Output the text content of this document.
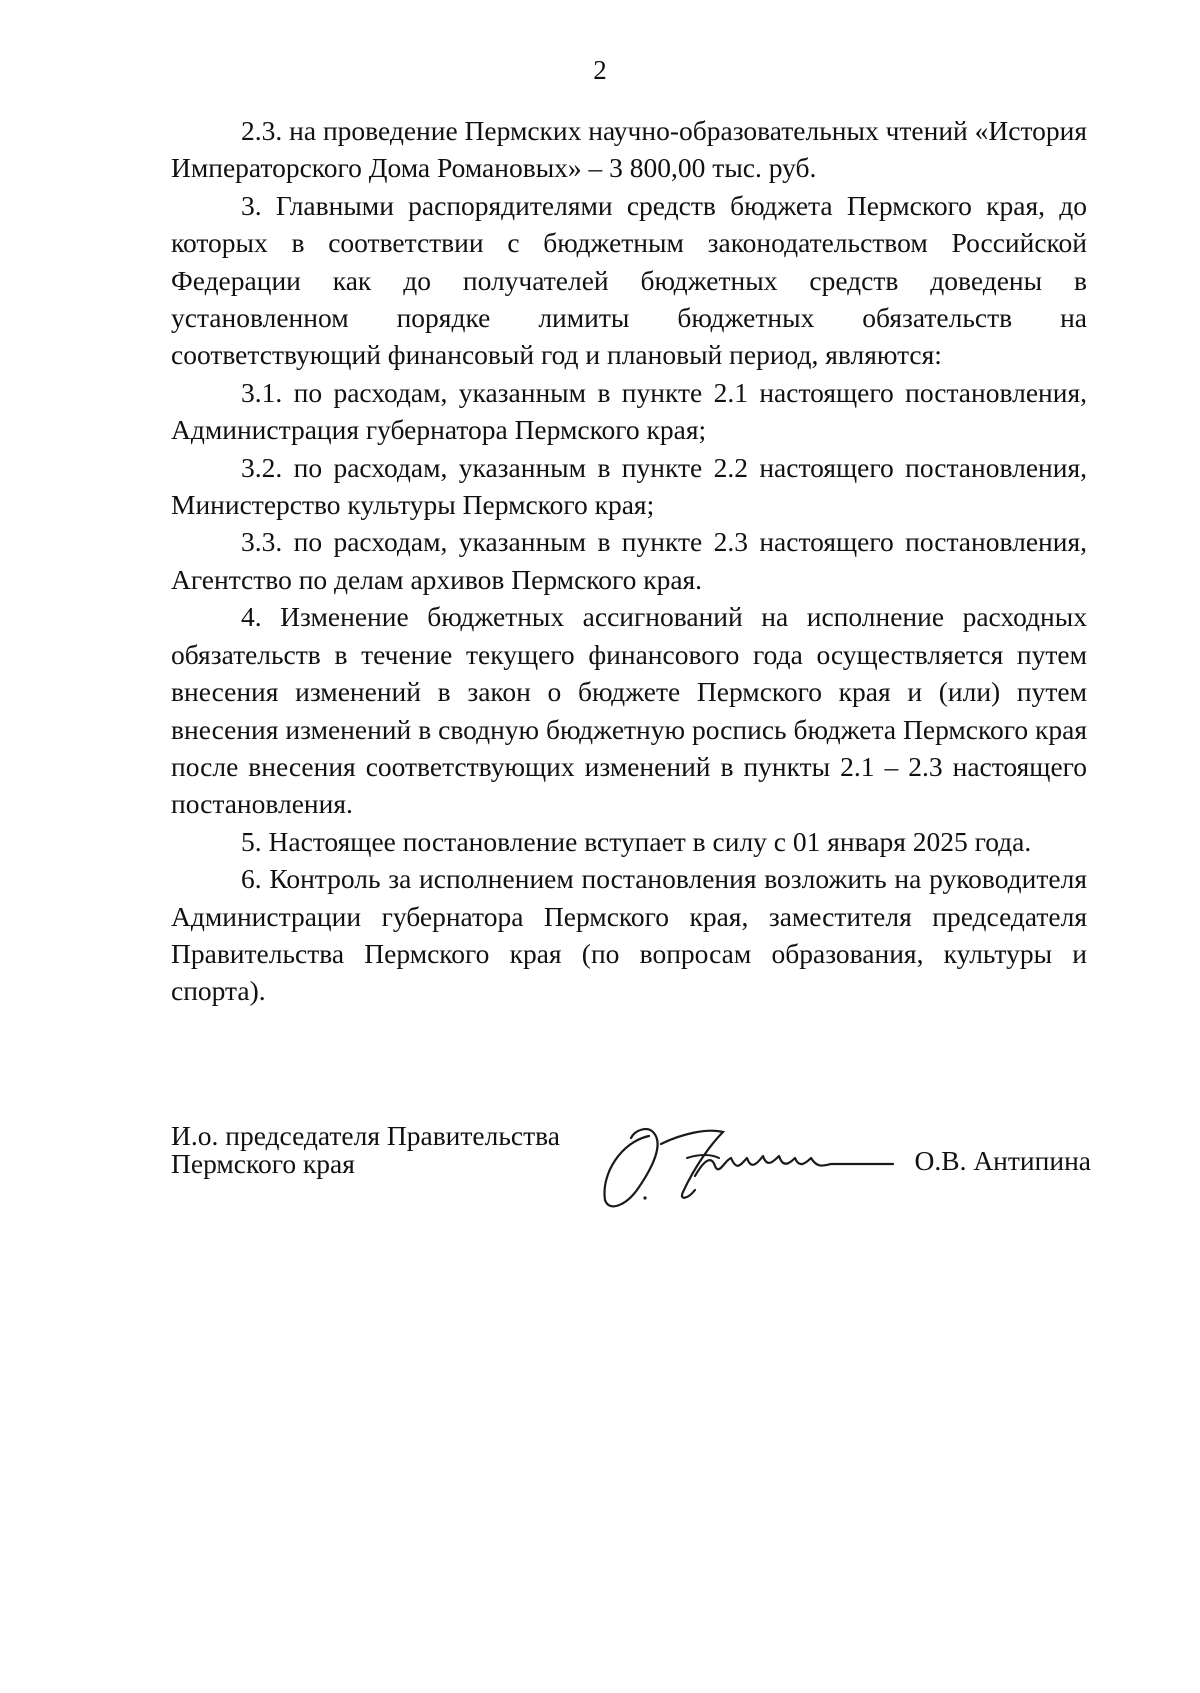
2

2.3. на проведение Пермских научно-образовательных чтений «История Императорского Дома Романовых» – 3 800,00 тыс. руб.

3. Главными распорядителями средств бюджета Пермского края, до которых в соответствии с бюджетным законодательством Российской Федерации как до получателей бюджетных средств доведены в установленном порядке лимиты бюджетных обязательств на соответствующий финансовый год и плановый период, являются:

3.1. по расходам, указанным в пункте 2.1 настоящего постановления, Администрация губернатора Пермского края;

3.2. по расходам, указанным в пункте 2.2 настоящего постановления, Министерство культуры Пермского края;

3.3. по расходам, указанным в пункте 2.3 настоящего постановления, Агентство по делам архивов Пермского края.

4. Изменение бюджетных ассигнований на исполнение расходных обязательств в течение текущего финансового года осуществляется путем внесения изменений в закон о бюджете Пермского края и (или) путем внесения изменений в сводную бюджетную роспись бюджета Пермского края после внесения соответствующих изменений в пункты 2.1 – 2.3 настоящего постановления.

5. Настоящее постановление вступает в силу с 01 января 2025 года.

6. Контроль за исполнением постановления возложить на руководителя Администрации губернатора Пермского края, заместителя председателя Правительства Пермского края (по вопросам образования, культуры и спорта).

И.о. председателя Правительства
Пермского края	О.В. Антипина
